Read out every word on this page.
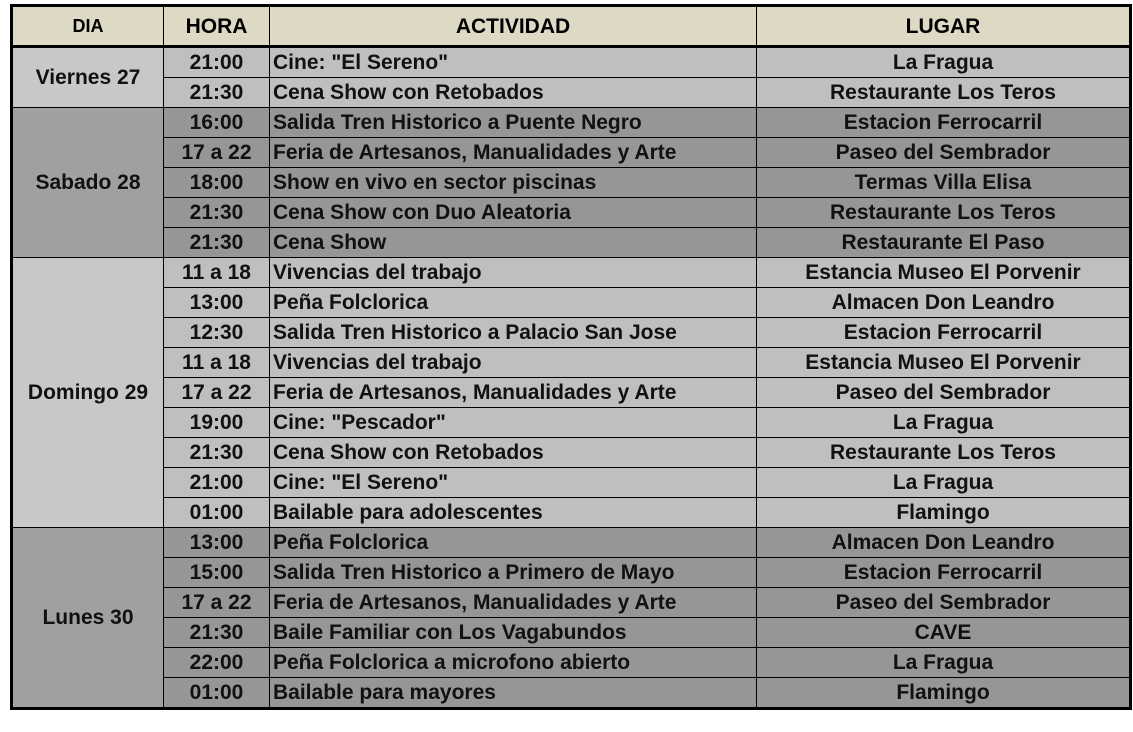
DIA	HORA	ACTIVIDAD	LUGAR
Viernes 27	21:00	Cine: "El Sereno"	La Fragua
	21:30	Cena Show con Retobados	Restaurante Los Teros
Sabado 28	16:00	Salida Tren Historico a Puente Negro	Estacion Ferrocarril
	17 a 22	Feria de Artesanos, Manualidades y Arte	Paseo del Sembrador
	18:00	Show en vivo en sector piscinas	Termas Villa Elisa
	21:30	Cena Show con Duo Aleatoria	Restaurante Los Teros
	21:30	Cena Show	Restaurante El Paso
Domingo 29	11 a 18	Vivencias del trabajo	Estancia Museo El Porvenir
	13:00	Peña Folclorica	Almacen Don Leandro
	12:30	Salida Tren Historico a Palacio San Jose	Estacion Ferrocarril
	11 a 18	Vivencias del trabajo	Estancia Museo El Porvenir
	17 a 22	Feria de Artesanos, Manualidades y Arte	Paseo del Sembrador
	19:00	Cine: "Pescador"	La Fragua
	21:30	Cena Show con Retobados	Restaurante Los Teros
	21:00	Cine: "El Sereno"	La Fragua
	01:00	Bailable para adolescentes	Flamingo
Lunes 30	13:00	Peña Folclorica	Almacen Don Leandro
	15:00	Salida Tren Historico a Primero de Mayo	Estacion Ferrocarril
	17 a 22	Feria de Artesanos, Manualidades y Arte	Paseo del Sembrador
	21:30	Baile Familiar con Los Vagabundos	CAVE
	22:00	Peña Folclorica a microfono abierto	La Fragua
	01:00	Bailable para mayores	Flamingo
